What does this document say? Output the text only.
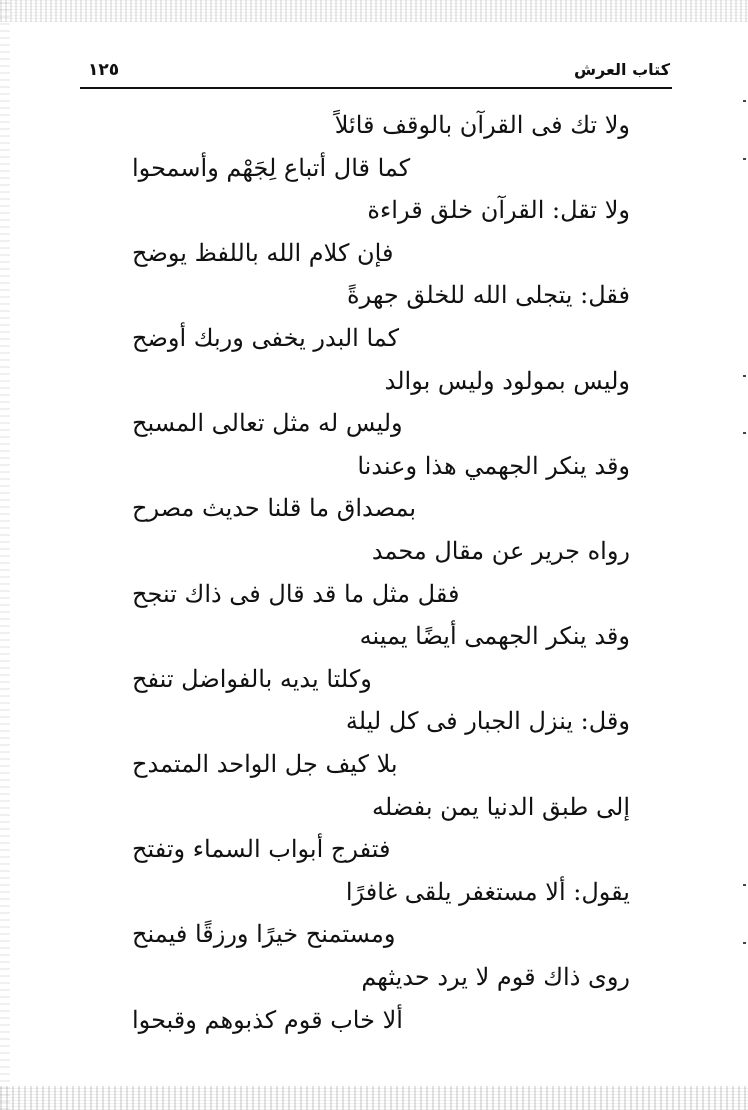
١٢٥	كتاب العرش
ولا تك فى القرآن بالوقف قائلاً
كما قال أتباع لِجَهْم وأسمحوا
ولا تقل: القرآن خلق قراءة
فإن كلام الله باللفظ يوضح
فقل: يتجلى الله للخلق جهرةً
كما البدر يخفى وربك أوضح
وليس بمولود وليس بوالد
وليس له مثل تعالى المسبح
وقد ينكر الجهمي هذا وعندنا
بمصداق ما قلنا حديث مصرح
رواه جرير عن مقال محمد
فقل مثل ما قد قال فى ذاك تنجح
وقد ينكر الجهمى أيضًا يمينه
وكلتا يديه بالفواضل تنفح
وقل: ينزل الجبار فى كل ليلة
بلا كيف جل الواحد المتمدح
إلى طبق الدنيا يمن بفضله
فتفرج أبواب السماء وتفتح
يقول: ألا مستغفر يلقى غافرًا
ومستمنح خيرًا ورزقًا فيمنح
روى ذاك قوم لا يرد حديثهم
ألا خاب قوم كذبوهم وقبحوا
